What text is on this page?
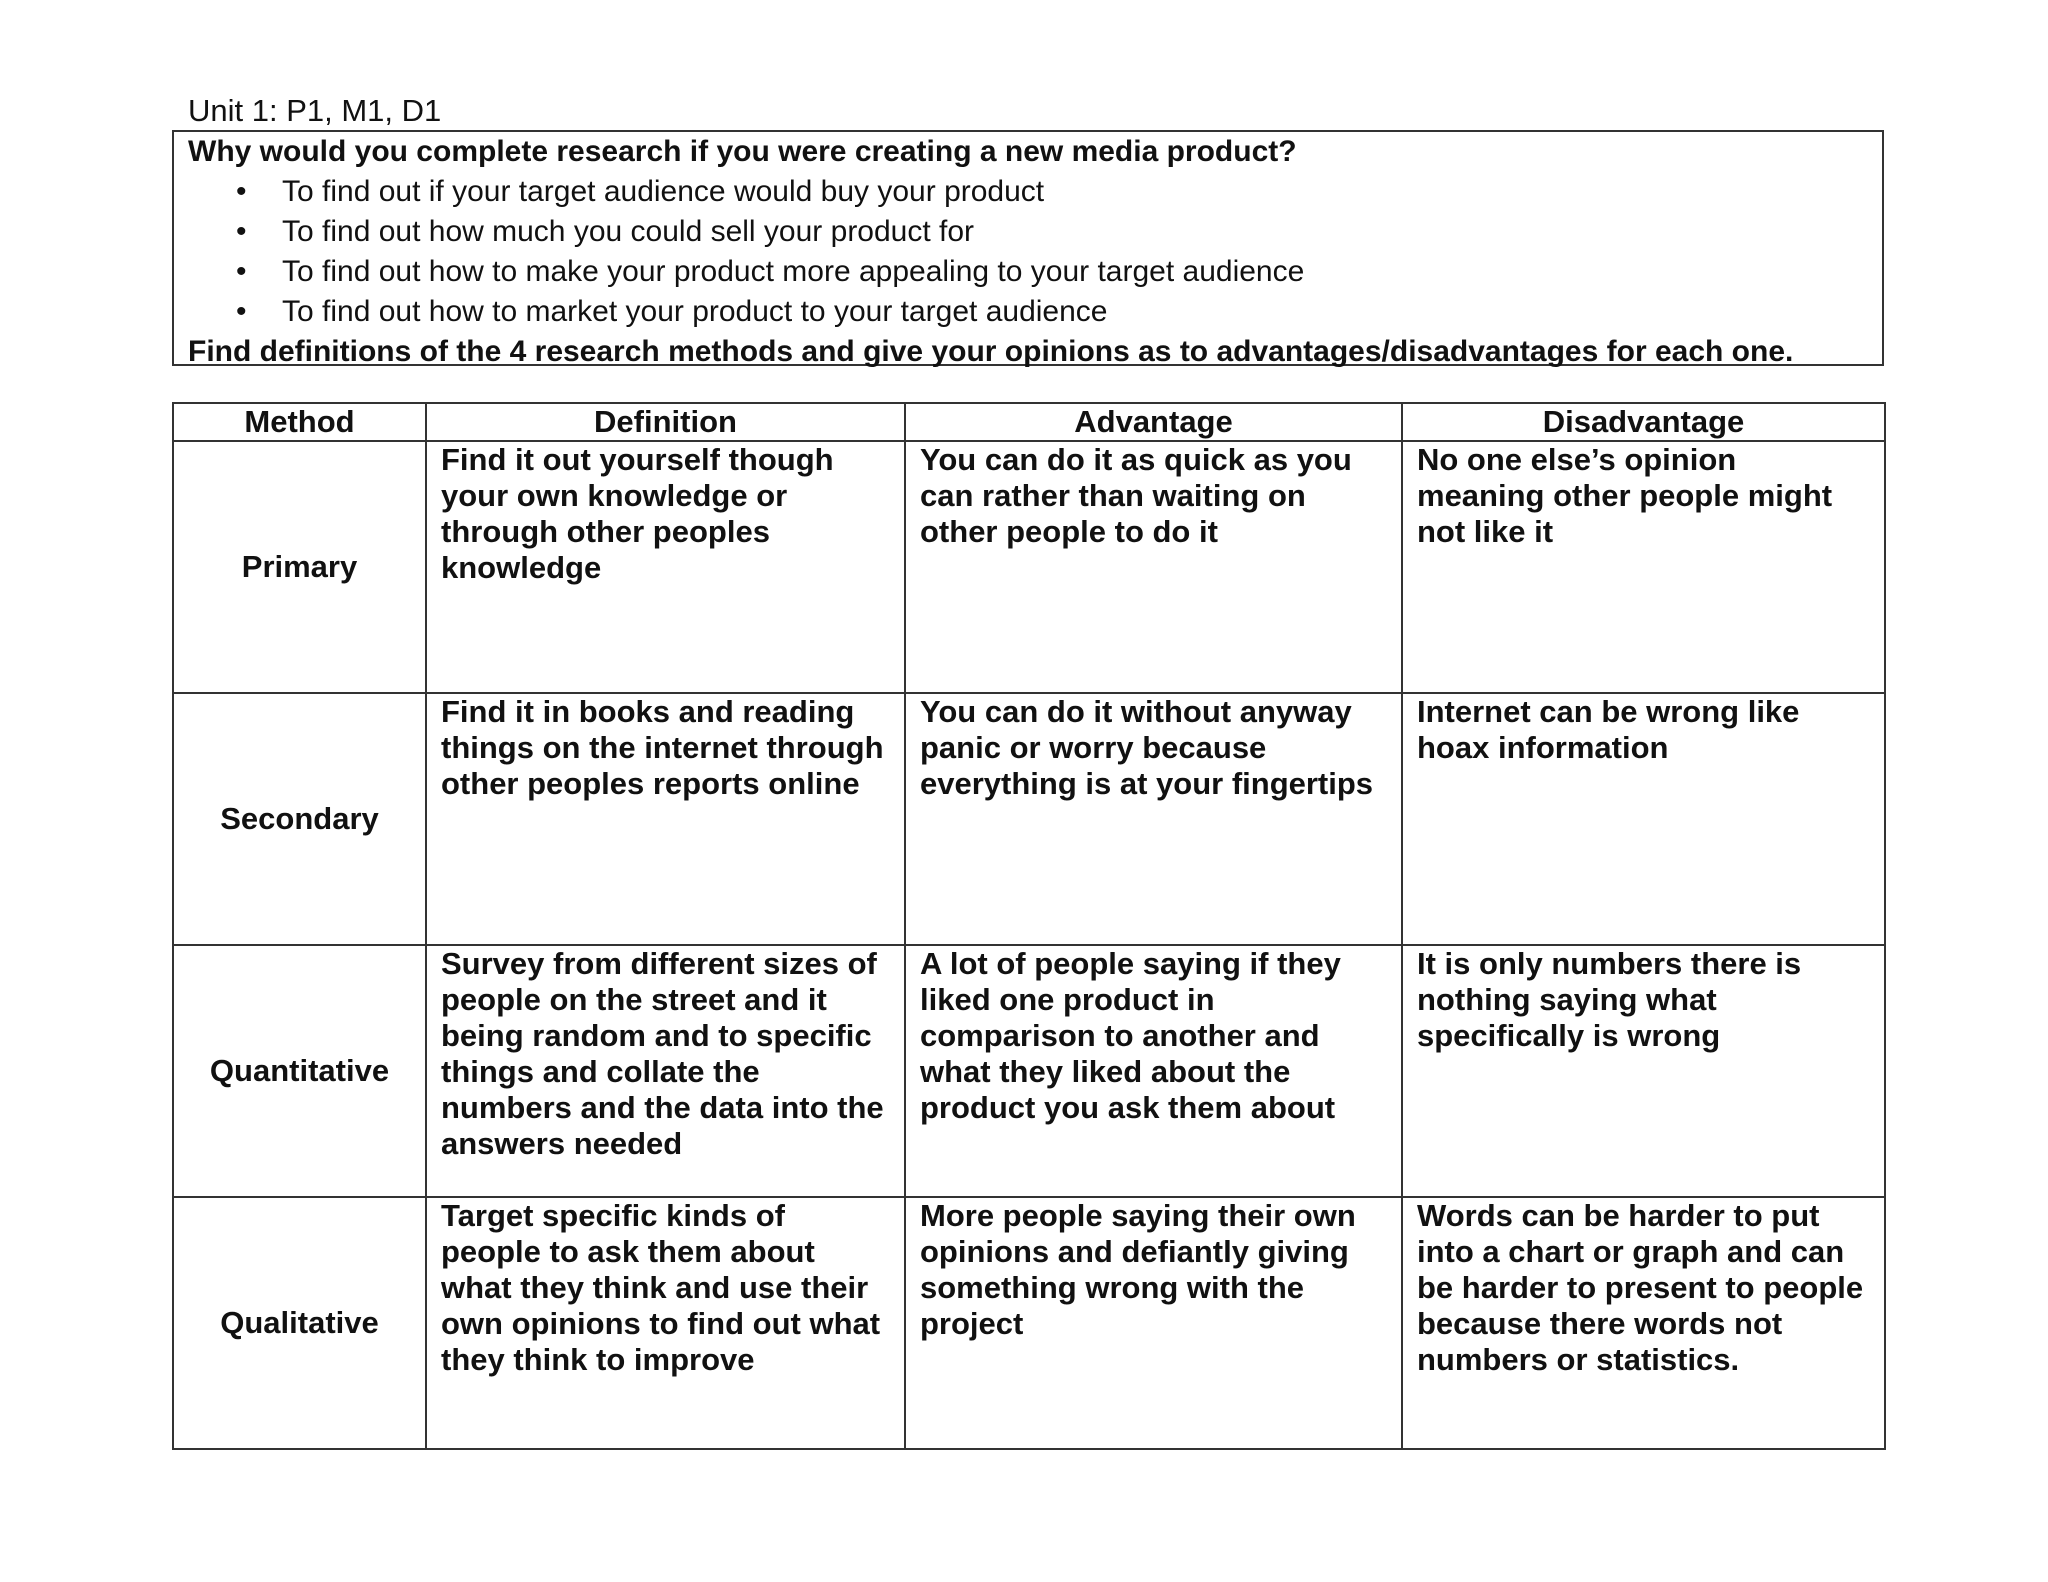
Unit 1: P1, M1, D1

Why would you complete research if you were creating a new media product?

• To find out if your target audience would buy your product
• To find out how much you could sell your product for
• To find out how to make your product more appealing to your target audience
• To find out how to market your product to your target audience

Find definitions of the 4 research methods and give your opinions as to advantages/disadvantages for each one.

Method	Definition	Advantage	Disadvantage
Primary	Find it out yourself though your own knowledge or through other peoples knowledge	You can do it as quick as you can rather than waiting on other people to do it	No one else’s opinion meaning other people might not like it
Secondary	Find it in books and reading things on the internet through other peoples reports online	You can do it without anyway panic or worry because everything is at your fingertips	Internet can be wrong like hoax information
Quantitative	Survey from different sizes of people on the street and it being random and to specific things and collate the numbers and the data into the answers needed	A lot of people saying if they liked one product in comparison to another and what they liked about the product you ask them about	It is only numbers there is nothing saying what specifically is wrong
Qualitative	Target specific kinds of people to ask them about what they think and use their own opinions to find out what they think to improve	More people saying their own opinions and defiantly giving something wrong with the project	Words can be harder to put into a chart or graph and can be harder to present to people because there words not numbers or statistics.
